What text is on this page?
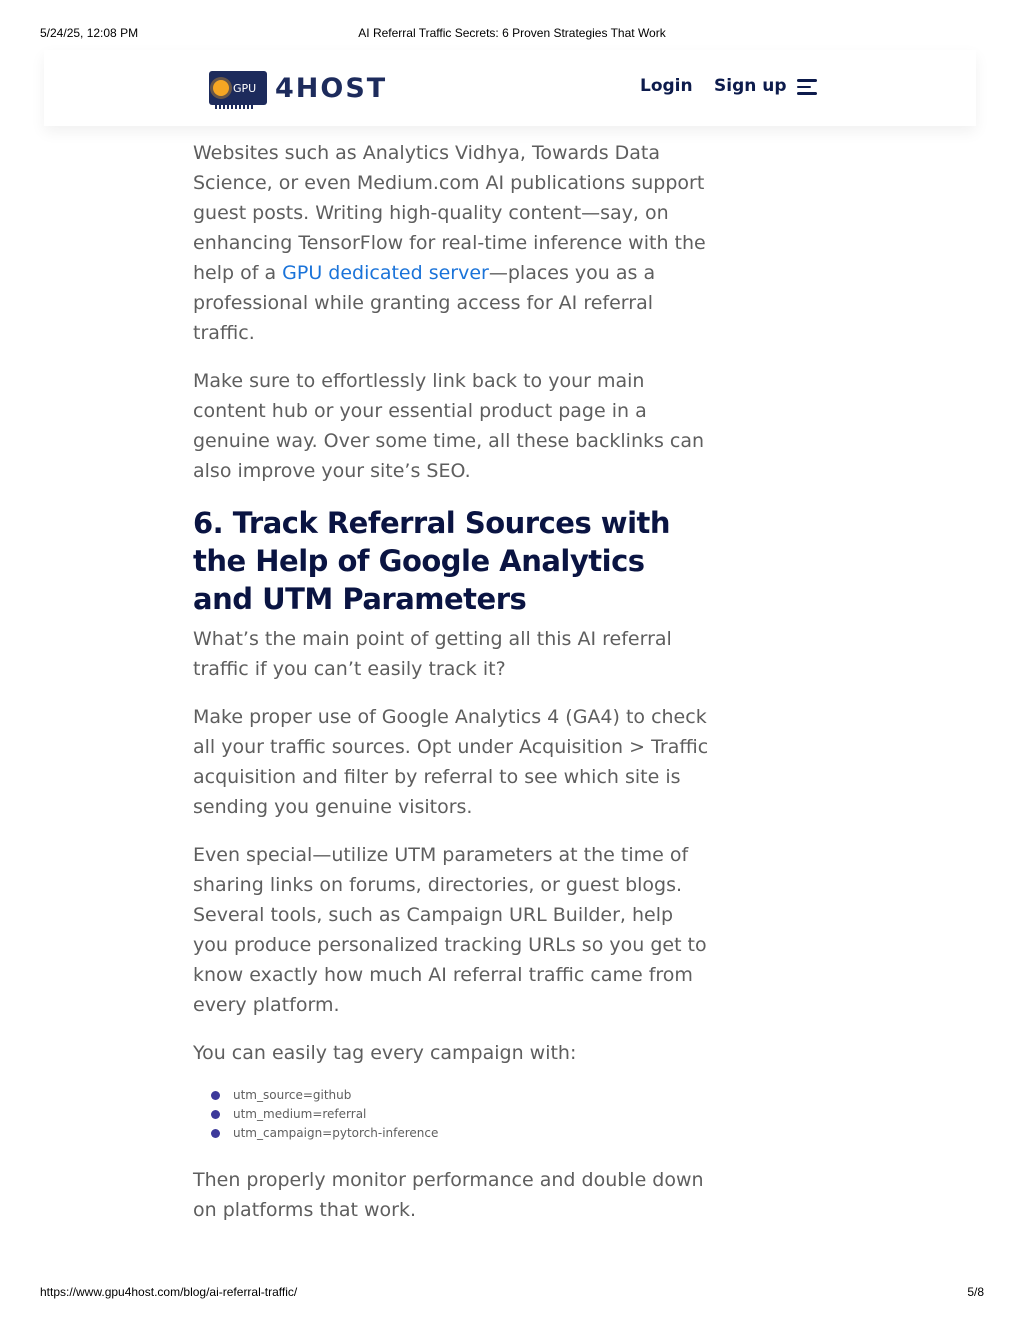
5/24/25, 12:08 PM	AI Referral Traffic Secrets: 6 Proven Strategies That Work
GPU 4HOST	Login Sign up

Websites such as Analytics Vidhya, Towards Data Science, or even Medium.com AI publications support guest posts. Writing high-quality content—say, on enhancing TensorFlow for real-time inference with the help of a GPU dedicated server—places you as a professional while granting access for AI referral traffic.

Make sure to effortlessly link back to your main content hub or your essential product page in a genuine way. Over some time, all these backlinks can also improve your site’s SEO.

6. Track Referral Sources with the Help of Google Analytics and UTM Parameters

What’s the main point of getting all this AI referral traffic if you can’t easily track it?

Make proper use of Google Analytics 4 (GA4) to check all your traffic sources. Opt under Acquisition > Traffic acquisition and filter by referral to see which site is sending you genuine visitors.

Even special—utilize UTM parameters at the time of sharing links on forums, directories, or guest blogs. Several tools, such as Campaign URL Builder, help you produce personalized tracking URLs so you get to know exactly how much AI referral traffic came from every platform.

You can easily tag every campaign with:

utm_source=github
utm_medium=referral
utm_campaign=pytorch-inference

Then properly monitor performance and double down on platforms that work.

https://www.gpu4host.com/blog/ai-referral-traffic/	5/8
